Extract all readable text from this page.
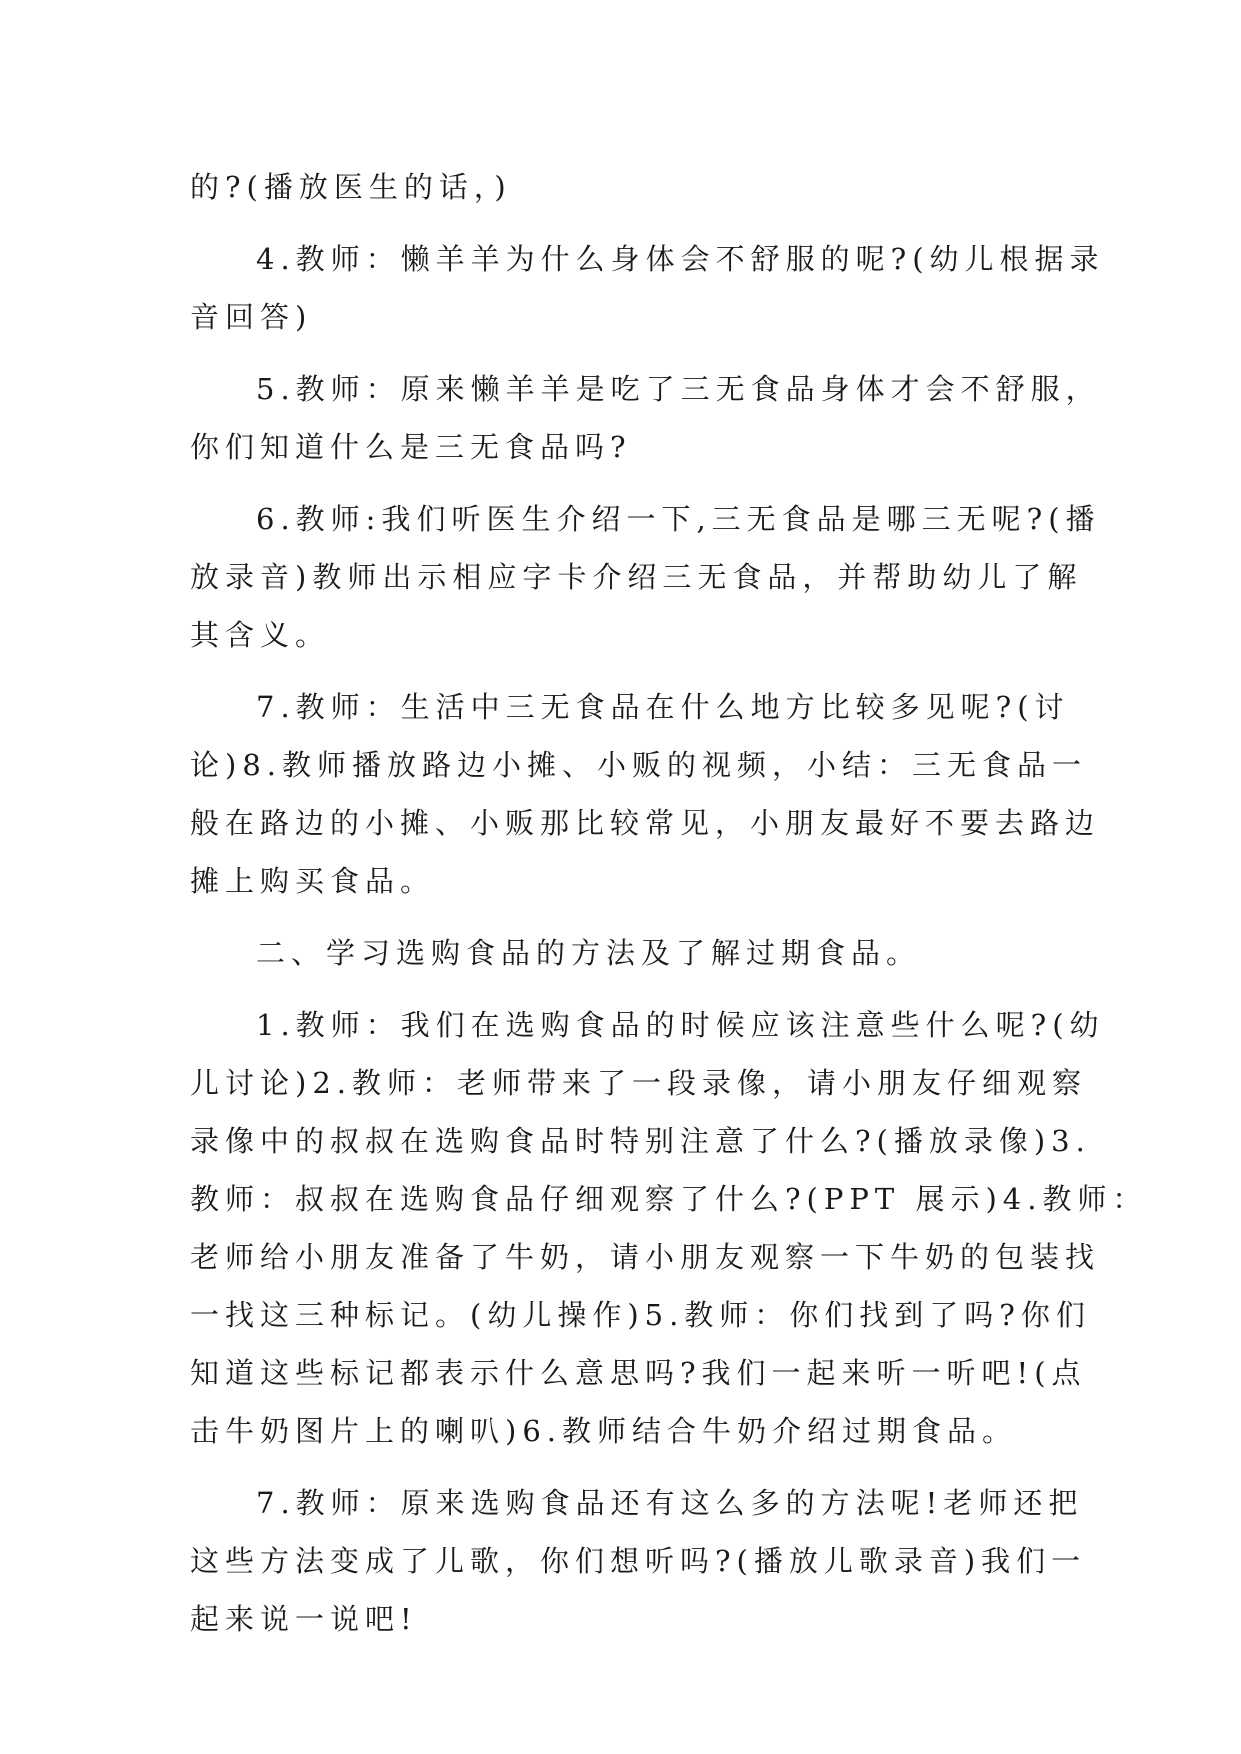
的?(播放医生的话，)
4.教师：懒羊羊为什么身体会不舒服的呢?(幼儿根据录
音回答)
5.教师：原来懒羊羊是吃了三无食品身体才会不舒服，
你们知道什么是三无食品吗?
6.教师:我们听医生介绍一下,三无食品是哪三无呢?(播
放录音)教师出示相应字卡介绍三无食品，并帮助幼儿了解
其含义。
7.教师：生活中三无食品在什么地方比较多见呢?(讨
论)8.教师播放路边小摊、小贩的视频，小结：三无食品一
般在路边的小摊、小贩那比较常见，小朋友最好不要去路边
摊上购买食品。
二、学习选购食品的方法及了解过期食品。
1.教师：我们在选购食品的时候应该注意些什么呢?(幼
儿讨论)2.教师：老师带来了一段录像，请小朋友仔细观察
录像中的叔叔在选购食品时特别注意了什么?(播放录像)3.
教师：叔叔在选购食品仔细观察了什么?(PPT 展示)4.教师：
老师给小朋友准备了牛奶，请小朋友观察一下牛奶的包装找
一找这三种标记。(幼儿操作)5.教师：你们找到了吗?你们
知道这些标记都表示什么意思吗?我们一起来听一听吧!(点
击牛奶图片上的喇叭)6.教师结合牛奶介绍过期食品。
7.教师：原来选购食品还有这么多的方法呢!老师还把
这些方法变成了儿歌，你们想听吗?(播放儿歌录音)我们一
起来说一说吧!
